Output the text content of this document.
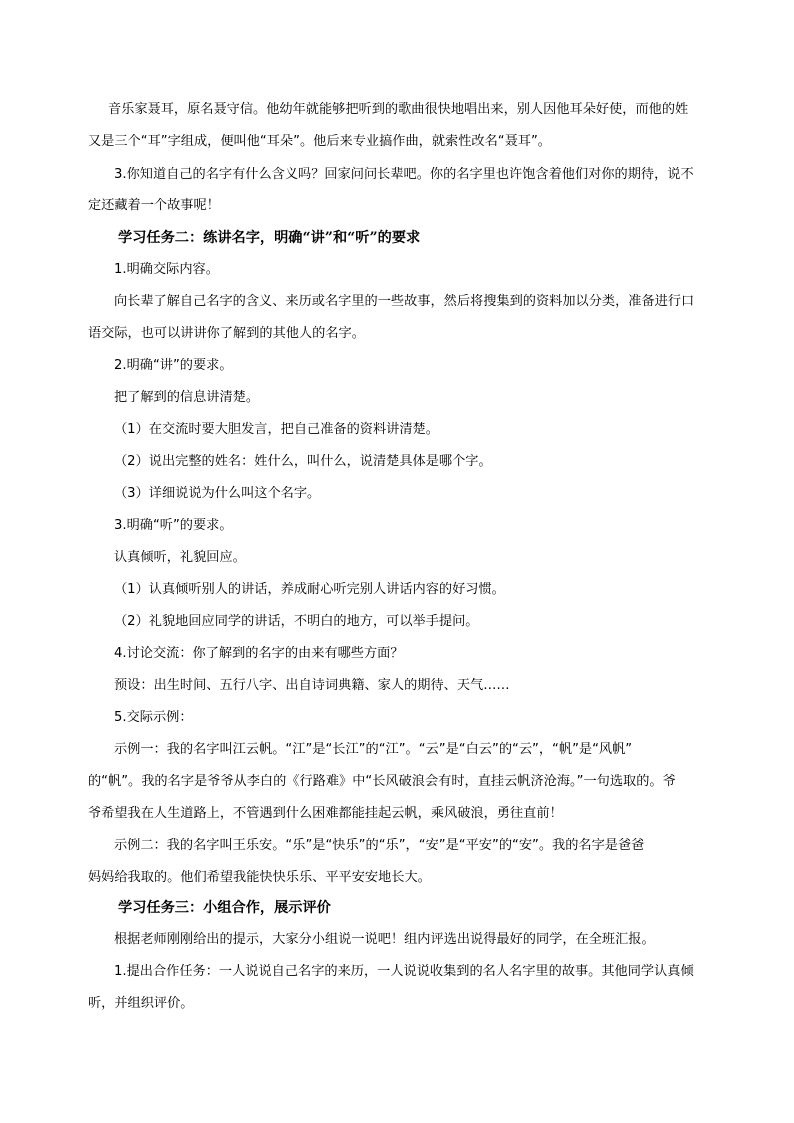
音乐家聂耳，原名聂守信。他幼年就能够把听到的歌曲很快地唱出来，别人因他耳朵好使，而他的姓
又是三个“耳”字组成，便叫他“耳朵”。他后来专业搞作曲，就索性改名“聂耳”。
3.你知道自己的名字有什么含义吗？回家问问长辈吧。你的名字里也许饱含着他们对你的期待，说不
定还藏着一个故事呢！
学习任务二：练讲名字，明确“讲”和“听”的要求
1.明确交际内容。
向长辈了解自己名字的含义、来历或名字里的一些故事，然后将搜集到的资料加以分类，准备进行口
语交际，也可以讲讲你了解到的其他人的名字。
2.明确“讲”的要求。
把了解到的信息讲清楚。
（1）在交流时要大胆发言，把自己准备的资料讲清楚。
（2）说出完整的姓名：姓什么，叫什么，说清楚具体是哪个字。
（3）详细说说为什么叫这个名字。
3.明确“听”的要求。
认真倾听，礼貌回应。
（1）认真倾听别人的讲话，养成耐心听完别人讲话内容的好习惯。
（2）礼貌地回应同学的讲话，不明白的地方，可以举手提问。
4.讨论交流：你了解到的名字的由来有哪些方面？
预设：出生时间、五行八字、出自诗词典籍、家人的期待、天气……
5.交际示例：
示例一：我的名字叫江云帆。“江”是“长江”的“江”。“云”是“白云”的“云”，“帆”是“风帆”
的“帆”。我的名字是爷爷从李白的《行路难》中“长风破浪会有时，直挂云帆济沧海。”一句选取的。爷
爷希望我在人生道路上，不管遇到什么困难都能挂起云帆，乘风破浪，勇往直前！
示例二：我的名字叫王乐安。“乐”是“快乐”的“乐”，“安”是“平安”的“安”。我的名字是爸爸
妈妈给我取的。他们希望我能快快乐乐、平平安安地长大。
学习任务三：小组合作，展示评价
根据老师刚刚给出的提示，大家分小组说一说吧！组内评选出说得最好的同学，在全班汇报。
1.提出合作任务：一人说说自己名字的来历，一人说说收集到的名人名字里的故事。其他同学认真倾
听，并组织评价。
